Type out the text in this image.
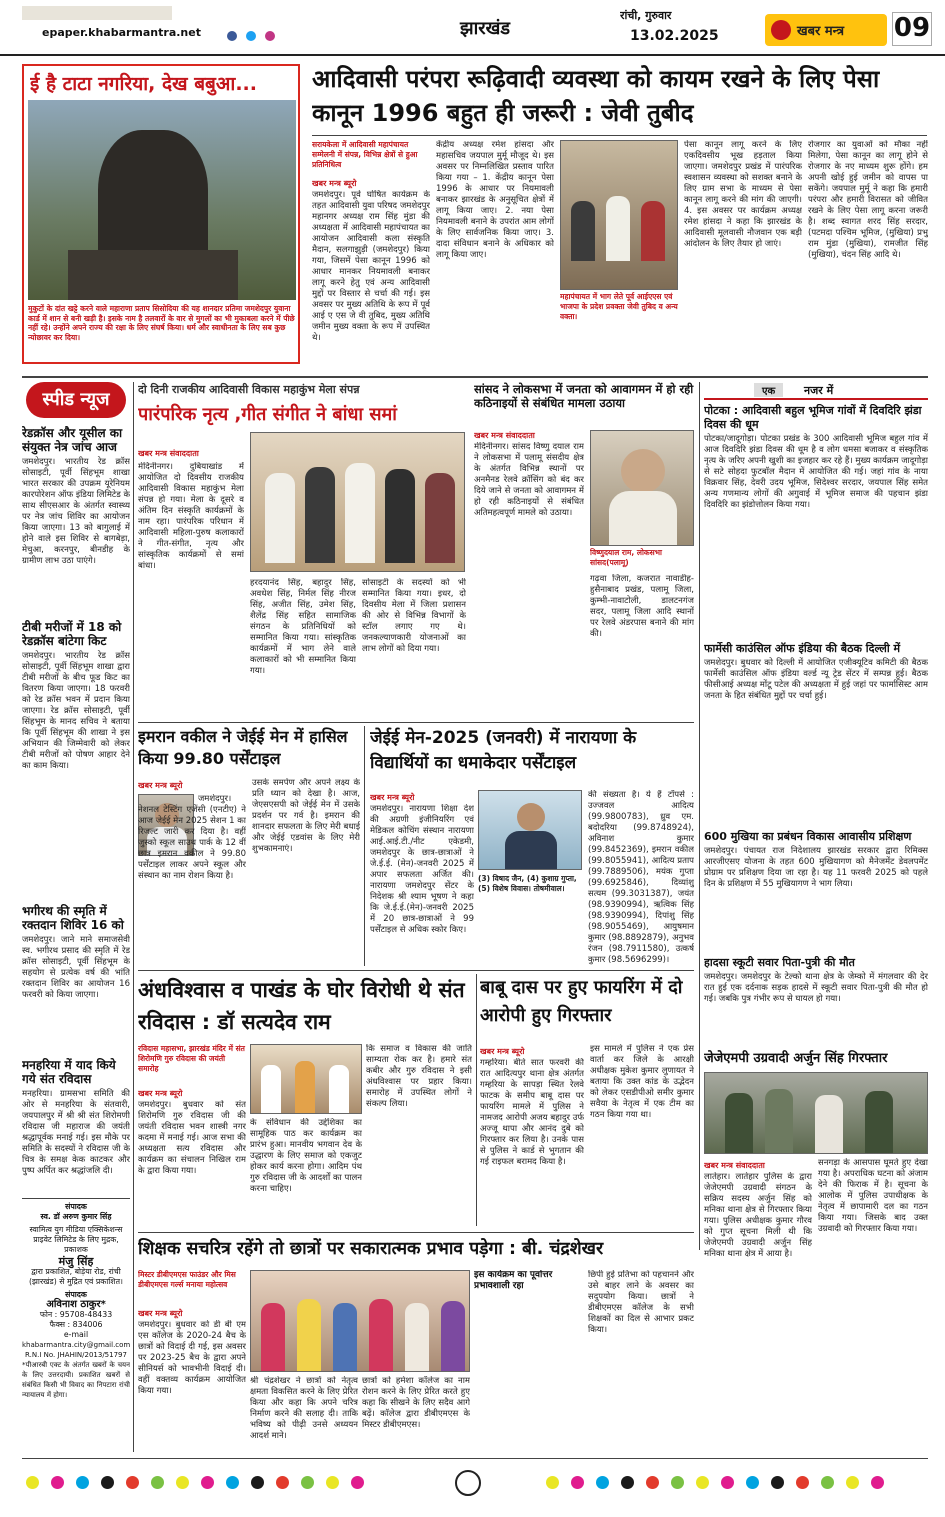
epaper.khabarmantra.net
	झारखंड
रांची, गुरुवार
13.02.2025	खबर मन्त्र 09
ई है टाटा नगरिया, देख बबुआ...
मुकुटों के दांत खट्टे करने वाले महाराणा प्रताप सिसोदिया की यह शानदार प्रतिमा जमशेदपुर युवाना कार्ड में शान से बनी खड़ी है। इसके नाम है तलवारों के वार से मुगलों का भी मुकाबला करने में पीछे नहीं रहे। उन्होंने अपने राज्य की रक्षा के लिए संघर्ष किया। धर्म और स्वाधीनता के लिए सब कुछ न्योछावर कर दिया।
आदिवासी परंपरा रूढ़िवादी व्यवस्था को कायम रखने के लिए पेसा कानून 1996 बहुत ही जरूरी : जेवी तुबीद
सरायकेला में आदिवासी महापंचायत सम्मेलनी में संपन्न, विभिन्न क्षेत्रों से हुआ प्रतिनिधित्व
खबर मन्त्र ब्यूरो
जमशेदपुर। पूर्व घोषित कार्यक्रम के तहत आदिवासी युवा परिषद जमशेदपुर महानगर अध्यक्ष राम सिंह मुंडा की अध्यक्षता में आदिवासी महापंचायत का आयोजन आदिवासी कला संस्कृति मैदान, सलगाझुड़ी (जमशेदपुर) किया गया, जिसमें पेसा कानून 1996 को आधार मानकर नियमावली बनाकर लागू करने हेतु एवं अन्य आदिवासी मुद्दों पर विस्तार से चर्चा की गई। इस अवसर पर मुख्य अतिथि के रूप में पूर्व आई ए एस जे वी तुबिद, मुख्य अतिथि जमीन मुख्य वक्ता के रूप में उपस्थित थे।
केंद्रीय अध्यक्ष रमेश हांसदा और महासचिव जयपाल मुर्मू मौजूद थे। इस अवसर पर निम्नलिखित प्रस्ताव पारित किया गया – 1. केंद्रीय कानून पेसा 1996 के आधार पर नियमावली बनाकर झारखंड के अनुसूचित क्षेत्रों में लागू किया जाए। 2. नया पेसा नियमावली बनाने के उपरांत आम लोगों के लिए सार्वजनिक किया जाए। 3. दादा संविधान बनाने के अधिकार को लागू किया जाए।
महापंचायत में भाग लेते पूर्व आईएएस एवं भाजपा के प्रदेश प्रवक्ता जेवी तुबिद व अन्य वक्ता।
पेसा कानून लागू करने के लिए एकदिवसीय भूख हड़ताल किया जाएगा। जमशेदपुर प्रखंड में पारंपरिक स्वशासन व्यवस्था को सशक्त बनाने के लिए ग्राम सभा के माध्यम से पेसा कानून लागू करने की मांग की जाएगी। 4. इस अवसर पर कार्यक्रम अध्यक्ष रमेश हांसदा ने कहा कि झारखंड के आदिवासी मूलवासी नौजवान एक बड़ी आंदोलन के लिए तैयार हो जाएं।
रोजगार का युवाओं को मौका नहीं मिलेगा, पेसा कानून का लागू होने से रोजगार के नए माध्यम शुरू होंगे। हम अपनी खोई हुई जमीन को वापस पा सकेंगे। जयपाल मुर्मू ने कहा कि हमारी परंपरा और हमारी विरासत को जीवित रखने के लिए पेसा लागू करना जरूरी है। शब्द स्वागत शरद सिंह सरदार, (पटमदा पश्चिम भूमिज, (मुखिया) प्रभु राम मुंडा (मुखिया), रामजीत सिंह (मुखिया), चंदन सिंह आदि थे।
स्पीड न्यूज
रेडक्रॉस और यूसील का संयुक्त नेत्र जांच आज
जमशेदपुर। भारतीय रेड क्रॉस सोसाइटी, पूर्वी सिंहभूम शाखा भारत सरकार की उपक्रम यूरेनियम कारपोरेशन ऑफ इंडिया लिमिटेड के साथ सीएसआर के अंतर्गत स्वास्थ्य पर नेत्र जांच शिविर का आयोजन किया जाएगा। 13 को बागुलाई में होने वाले इस शिविर से बागबेड़ा, मेचुआ, करनपुर, बीनडीह के ग्रामीण लाभ उठा पाएंगे।
टीबी मरीजों में 18 को रेडक्रॉस बांटेगा किट
जमशेदपुर। भारतीय रेड क्रॉस सोसाइटी, पूर्वी सिंहभूम शाखा द्वारा टीबी मरीजों के बीच फूड किट का वितरण किया जाएगा। 18 फरवरी को रेड क्रॉस भवन में प्रदान किया जाएगा। रेड क्रॉस सोसाइटी, पूर्वी सिंहभूम के मानद सचिव ने बताया कि पूर्वी सिंहभूम की शाखा ने इस अभियान की जिम्मेवारी को लेकर टीबी मरीजों को पोषण आहार देने का काम किया।
भगीरथ की स्मृति में रक्तदान शिविर 16 को
जमशेदपुर। जाने माने समाजसेवी स्व. भगीरथ प्रसाद की स्मृति में रेड क्रॉस सोसाइटी, पूर्वी सिंहभूम के सहयोग से प्रत्येक वर्ष की भांति रक्तदान शिविर का आयोजन 16 फरवरी को किया जाएगा।
मनहरिया में याद किये गये संत रविदास
मनहरिया। ग्रामसभा समिति की ओर से मनहरिया के संतवारी, जयपालपुर में श्री श्री संत शिरोमणी रविदास जी महाराज की जयंती श्रद्धापूर्वक मनाई गई। इस मौके पर समिति के सदस्यों ने रविदास जी के चित्र के समक्ष केक काटकर और पुष्प अर्पित कर श्रद्धांजलि दी।
संपादक
स्व. डॉ अरुण कुमार सिंह
स्वामित्व युग मीडिया एक्सिकेशन्स प्राइवेट लिमिटेड के लिए मुद्रक, प्रकाशक
मंजु सिंह
द्वारा प्रकाशित, बोड़ेया रोड, रांची (झारखंड) से मुद्रित एवं प्रकाशित।
संपादक
अविनाश ठाकुर*
फोन : 95708-48433
फैक्स : 834006
e-mail
khabarmantra.city@gmail.com
R.N.I No. JHAHIN/2013/51797
*पीआरबी एक्ट के अंतर्गत खबरों के चयन के लिए उत्तरदायी। प्रकाशित खबरों से संबंधित किसी भी विवाद का निपटारा रांची न्यायालय में होगा।
दो दिनी राजकीय आदिवासी विकास महाकुंभ मेला संपन्न
पारंपरिक नृत्य ,गीत संगीत ने बांधा समां
खबर मन्त्र संवाददाता
मेदिनीनगर। दुबियाखांड में आयोजित दो दिवसीय राजकीय आदिवासी विकास महाकुंभ मेला संपन्न हो गया। मेला के दूसरे व अंतिम दिन संस्कृति कार्यक्रमों के नाम रहा। पारंपरिक परिधान में आदिवासी महिला-पुरुष कलाकारों ने गीत-संगीत, नृत्य और सांस्कृतिक कार्यक्रमों से समां बांधा।
हरदयानंद सिंह, बहादुर सिंह, अवधेश सिंह, निर्मल सिंह नीरज सिंह, अजीत सिंह, उमेश सिंह, शैलेंद्र सिंह सहित सामाजिक संगठन के प्रतिनिधियों को सम्मानित किया गया। सांस्कृतिक कार्यक्रमों में भाग लेने वाले कलाकारों को भी सम्मानित किया गया।
सोसाइटी के सदस्यों को भी सम्मानित किया गया। इधर, दो दिवसीय मेला में जिला प्रशासन की ओर से विभिन्न विभागों के स्टॉल लगाए गए थे। जनकल्याणकारी योजनाओं का लाभ लोगों को दिया गया।
सांसद ने लोकसभा में जनता को आवागमन में हो रही कठिनाइयों से संबंधित मामला उठाया
खबर मन्त्र संवाददाता
मेदिनीनगर। सांसद विष्णु दयाल राम ने लोकसभा में पलामू संसदीय क्षेत्र के अंतर्गत विभिन्न स्थानों पर अनमैनड रेलवे क्रॉसिंग को बंद कर दिये जाने से जनता को आवागमन में हो रही कठिनाइयों से संबंधित अतिमहत्वपूर्ण मामले को उठाया।
विष्णुदयाल राम, लोकसभा सांसद(पलामू)
गढ़वा जिला, कजरात नावाडीह-हुसैनाबाद प्रखंड, पलामू जिला, कुम्भी-नावाटोली, डालटनगंज सदर, पलामू जिला आदि स्थानों पर रेलवे अंडरपास बनाने की मांग की।
एक	नजर में
पोटका : आदिवासी बहुल भूमिज गांवों में दिवदिरि झंडा दिवस की धूम
पोटका/जादूगोड़ा। पोटका प्रखंड के 300 आदिवासी भूमिज बहुल गांव में आज दिवदिरि झंडा दिवस की धूम है व लोग धमसा बजाकर व संस्कृतिक नृत्य के जरिए अपनी खुशी का इजहार कर रहे हैं। मुख्य कार्यक्रम जादूगोड़ा से सटे सोहदा फुटबॉल मैदान में आयोजित की गई। जहां गांव के नाया विक्रवार सिंह, देवरी उदय भूमिज, सिदेश्वर सरदार, जयपाल सिंह समेत अन्य गणमान्य लोगों की अगुवाई में भूमिज समाज की पहचान झंडा दिवदिरि का झंडोत्तोलन किया गया।
फार्मेसी काउंसिल ऑफ इंडिया की बैठक दिल्ली में
जमशेदपुर। बुधवार को दिल्ली में आयोजित एजीक्यूटिव कमिटी की बैठक फार्मेसी काउंसिल ऑफ इंडिया वर्ल्ड न्यू ट्रेड सेंटर में सम्पन्न हुई। बैठक फीसीआई अध्यक्ष मोंटू पटेल की अध्यक्षता में हुई जहां पर फार्मासिस्ट आम जनता के हित संबंधित मुद्दों पर चर्चा हुई।
600 मुखिया का प्रबंधन विकास आवासीय प्रशिक्षण
जमशेदपुर। पंचायत राज निदेशालय झारखंड सरकार द्वारा रिमिक्स आरजीएसए योजना के तहत 600 मुखियागण को मैनेजमेंट डेवलपमेंट प्रोग्राम पर प्रशिक्षण दिया जा रहा है। यह 11 फरवरी 2025 को पहले दिन के प्रशिक्षण में 55 मुखियागण ने भाग लिया।
हादसा स्कूटी सवार पिता-पुत्री की मौत
जमशेदपुर। जमशेदपुर के टेल्को थाना क्षेत्र के जेम्को में मंगलवार की देर रात हुई एक दर्दनाक सड़क हादसे में स्कूटी सवार पिता-पुत्री की मौत हो गई। जबकि पुत्र गंभीर रूप से घायल हो गया।
जेजेएमपी उग्रवादी अर्जुन सिंह गिरफ्तार
खबर मन्त्र संवाददाता
लातेहार। लातेहार पुलिस के द्वारा जेजेएमपी उग्रवादी संगठन के सक्रिय सदस्य अर्जुन सिंह को मनिका थाना क्षेत्र से गिरफ्तार किया गया। पुलिस अधीक्षक कुमार गौरव को गुप्त सूचना मिली थी कि जेजेएमपी उग्रवादी अर्जुन सिंह मनिका थाना क्षेत्र में आया है।
सनगड़ा के आसपास घूमते हुए देखा गया है। अपराधिक घटना को अंजाम देने की फिराक में है। सूचना के आलोक में पुलिस उपाधीक्षक के नेतृत्व में छापामारी दल का गठन किया गया। जिसके बाद उक्त उग्रवादी को गिरफ्तार किया गया।
इमरान वकील ने जेईई मेन में हासिल किया 99.80 पर्सेंटाइल
खबर मन्त्र ब्यूरो
जमशेदपुर। नेशनल टेस्टिंग एजेंसी (एनटीए) ने आज जेईई मेन 2025 सेशन 1 का रिजल्ट जारी कर दिया है। वहीं जुस्को स्कूल साउथ पार्क के 12 वीं छात्र इमरान वकील ने 99.80 पर्सेंटाइल लाकर अपने स्कूल और संस्थान का नाम रोशन किया है।
उसके समर्पण और अपने लक्ष्य के प्रति ध्यान को देखा है। आज, जेएसएसपी को जेईई मेन में उसके प्रदर्शन पर गर्व है। इमरान की शानदार सफलता के लिए मेरी बधाई और जेईई एडवांस के लिए मेरी शुभकामनाएं।
जेईई मेन-2025 (जनवरी) में नारायणा के विद्यार्थियों का धमाकेदार पर्सेंटाइल
खबर मन्त्र ब्यूरो
जमशेदपुर। नारायणा शिक्षा देश की अग्रणी इंजीनियरिंग एवं मेडिकल कोचिंग संस्थान नारायणा आई.आई.टी./नीट एकेडमी, जमशेदपुर के छात्र-छात्राओं ने जे.ई.ई. (मेन)-जनवरी 2025 में अपार सफलता अर्जित की। नारायणा जमशेदपुर सेंटर के निदेशक श्री श्याम भूषण ने कहा कि जे.ई.ई.(मेन)-जनवरी 2025 में 20 छात्र-छात्राओं ने 99 पर्सेंटाइल से अधिक स्कोर किए।
(3) विषाद जैन, (4) कुशाग्र गुप्ता, (5) विशेष विवास। तोषमीवाल।
की संख्यता है। ये हैं टॉपर्स : उज्जवल आदित्य (99.9800783), ध्रुव एम. बदोदरिया (99.8748924), अविनाश कुमार (99.8452369), इमरान वकील (99.8055941), आदित्य प्रताप (99.7889506), मयंक गुप्ता (99.6925846), दिव्यांशु सत्यम (99.3031387), जयंत (98.9390994), ऋत्विक सिंह (98.9390994), दिपांशु सिंह (98.9055469), आयुषमान कुमार (98.8892879), अनुभव रंजन (98.7911580), उत्कर्ष कुमार (98.5696299)।
अंधविश्वास व पाखंड के घोर विरोधी थे संत रविदास : डॉ सत्यदेव राम
रविदास महासभा, झारखंड मंदिर में संत शिरोमणि गुरु रविदास की जयंती समारोह
खबर मन्त्र ब्यूरो
जमशेदपुर। बुधवार को संत शिरोमणि गुरु रविदास जी की जयंती रविदास भवन शास्त्री नगर कदमा में मनाई गई। आज सभा की अध्यक्षता सत्य रविदास और कार्यक्रम का संचालन निखिल राम के द्वारा किया गया।
के संविधान की उद्देशिका का सामूहिक पाठ कर कार्यक्रम का प्रारंभ हुआ। मानवीय भगवान देव के उद्धारण के लिए समाज को एकजुट होकर कार्य करना होगा। आदिम पंथ गुरु रविदास जी के आदर्शों का पालन करना चाहिए।
कि समाज व विकास की जाति साम्यता रोक कर है। हमारे संत कबीर और गुरु रविदास ने इसी अंधविश्वास पर प्रहार किया। समारोह में उपस्थित लोगों ने संकल्प लिया।
बाबू दास पर हुए फायरिंग में दो आरोपी हुए गिरफ्तार
खबर मन्त्र ब्यूरो
गम्हरिया। बीते सात फरवरी की रात आदित्यपुर थाना क्षेत्र अंतर्गत गम्हरिया के सापड़ा स्थित रेलवे फाटक के समीप बाबू दास पर फायरिंग मामले में पुलिस ने नामजद आरोपी अजय बहादुर उर्फ अज्जू थापा और आनंद दुबे को गिरफ्तार कर लिया है। उनके पास से पुलिस ने कार्ड से भुगतान की गई राइफल बरामद किया है।
इस मामले में पुलिस ने एक प्रेस वार्ता कर जिले के आरक्षी अधीक्षक मुकेश कुमार लुणायत ने बताया कि उक्त कांड के उद्भेदन को लेकर एसडीपीओ समीर कुमार सवैया के नेतृत्व में एक टीम का गठन किया गया था।
शिक्षक सचरित्र रहेंगे तो छात्रों पर सकारात्मक प्रभाव पड़ेगा : बी. चंद्रशेखर
मिस्टर डीबीएमएस फाउंडर और मिस डीबीएमएस गर्ल्स मनाया महोत्सव
खबर मन्त्र ब्यूरो
जमशेदपुर। बुधवार को डी बी एम एस कॉलेज के 2020-24 बैच के छात्रों को विदाई दी गई, इस अवसर पर 2023-25 बैच के द्वारा अपने सीनियर्स को भावभीनी विदाई दी। वहीं वक्तव्य कार्यक्रम आयोजित किया गया।
श्री चंद्रशेखर ने छात्रों को नेतृत्व क्षमता विकसित करने के लिए प्रेरित किया और कहा कि अपने चरित्र निर्माण करने की सलाह दी। ताकि भविष्य को पीढ़ी उनसे अध्ययन आदर्श माने।
छात्रों को हमेशा कॉलेज का नाम रोशन करने के लिए प्रेरित करते हुए कहा कि सीखने के लिए सदैव आगे बढ़ें। कॉलेज द्वारा डीबीएमएस के मिस्टर डीबीएमएस।
इस कार्यक्रम का पूर्वोत्तर प्रभावशाली रहा
छिपी हुई प्रतिभा को पहचानने और उसे बाहर लाने के अवसर का सदुपयोग किया। छात्रों ने डीबीएमएस कॉलेज के सभी शिक्षकों का दिल से आभार प्रकट किया।
